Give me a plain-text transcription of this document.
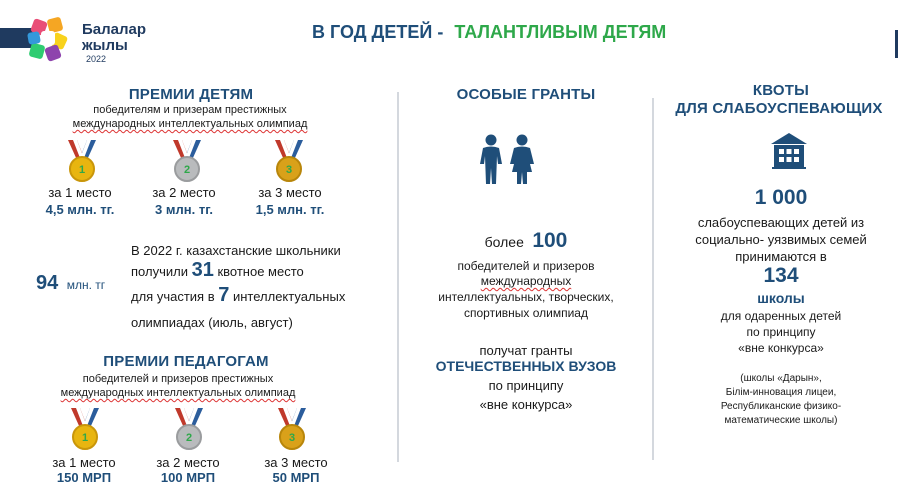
Балалар
жылы
2022
В ГОД ДЕТЕЙ - ТАЛАНТЛИВЫМ ДЕТЯМ
ПРЕМИИ ДЕТЯМ
победителям и призерам престижных
международных интеллектуальных олимпиад
1	2	3
за 1 место
4,5 млн. тг.
за 2 место
3 млн. тг.
за 3 место
1,5 млн. тг.
94 млн. тг
В 2022 г. казахстанские школьники
получили 31 квотное место
для участия в 7 интеллектуальных
олимпиадах (июль, август)
ПРЕМИИ ПЕДАГОГАМ
победителей и призеров престижных
международных интеллектуальных олимпиад
1	2	3
за 1 место
150 МРП
за 2 место
100 МРП
за 3 место
50 МРП
ОСОБЫЕ ГРАНТЫ
более 100
победителей и призеров
международных
интеллектуальных, творческих,
спортивных олимпиад
получат гранты
ОТЕЧЕСТВЕННЫХ ВУЗОВ
по принципу
«вне конкурса»
КВОТЫ
ДЛЯ СЛАБОУСПЕВАЮЩИХ
1 000
слабоуспевающих детей из
социально- уязвимых семей
принимаются в
134
школы
для одаренных детей
по принципу
«вне конкурса»
(школы «Дарын»,
Білім-инновация лицеи,
Республиканские физико-
математические школы)
